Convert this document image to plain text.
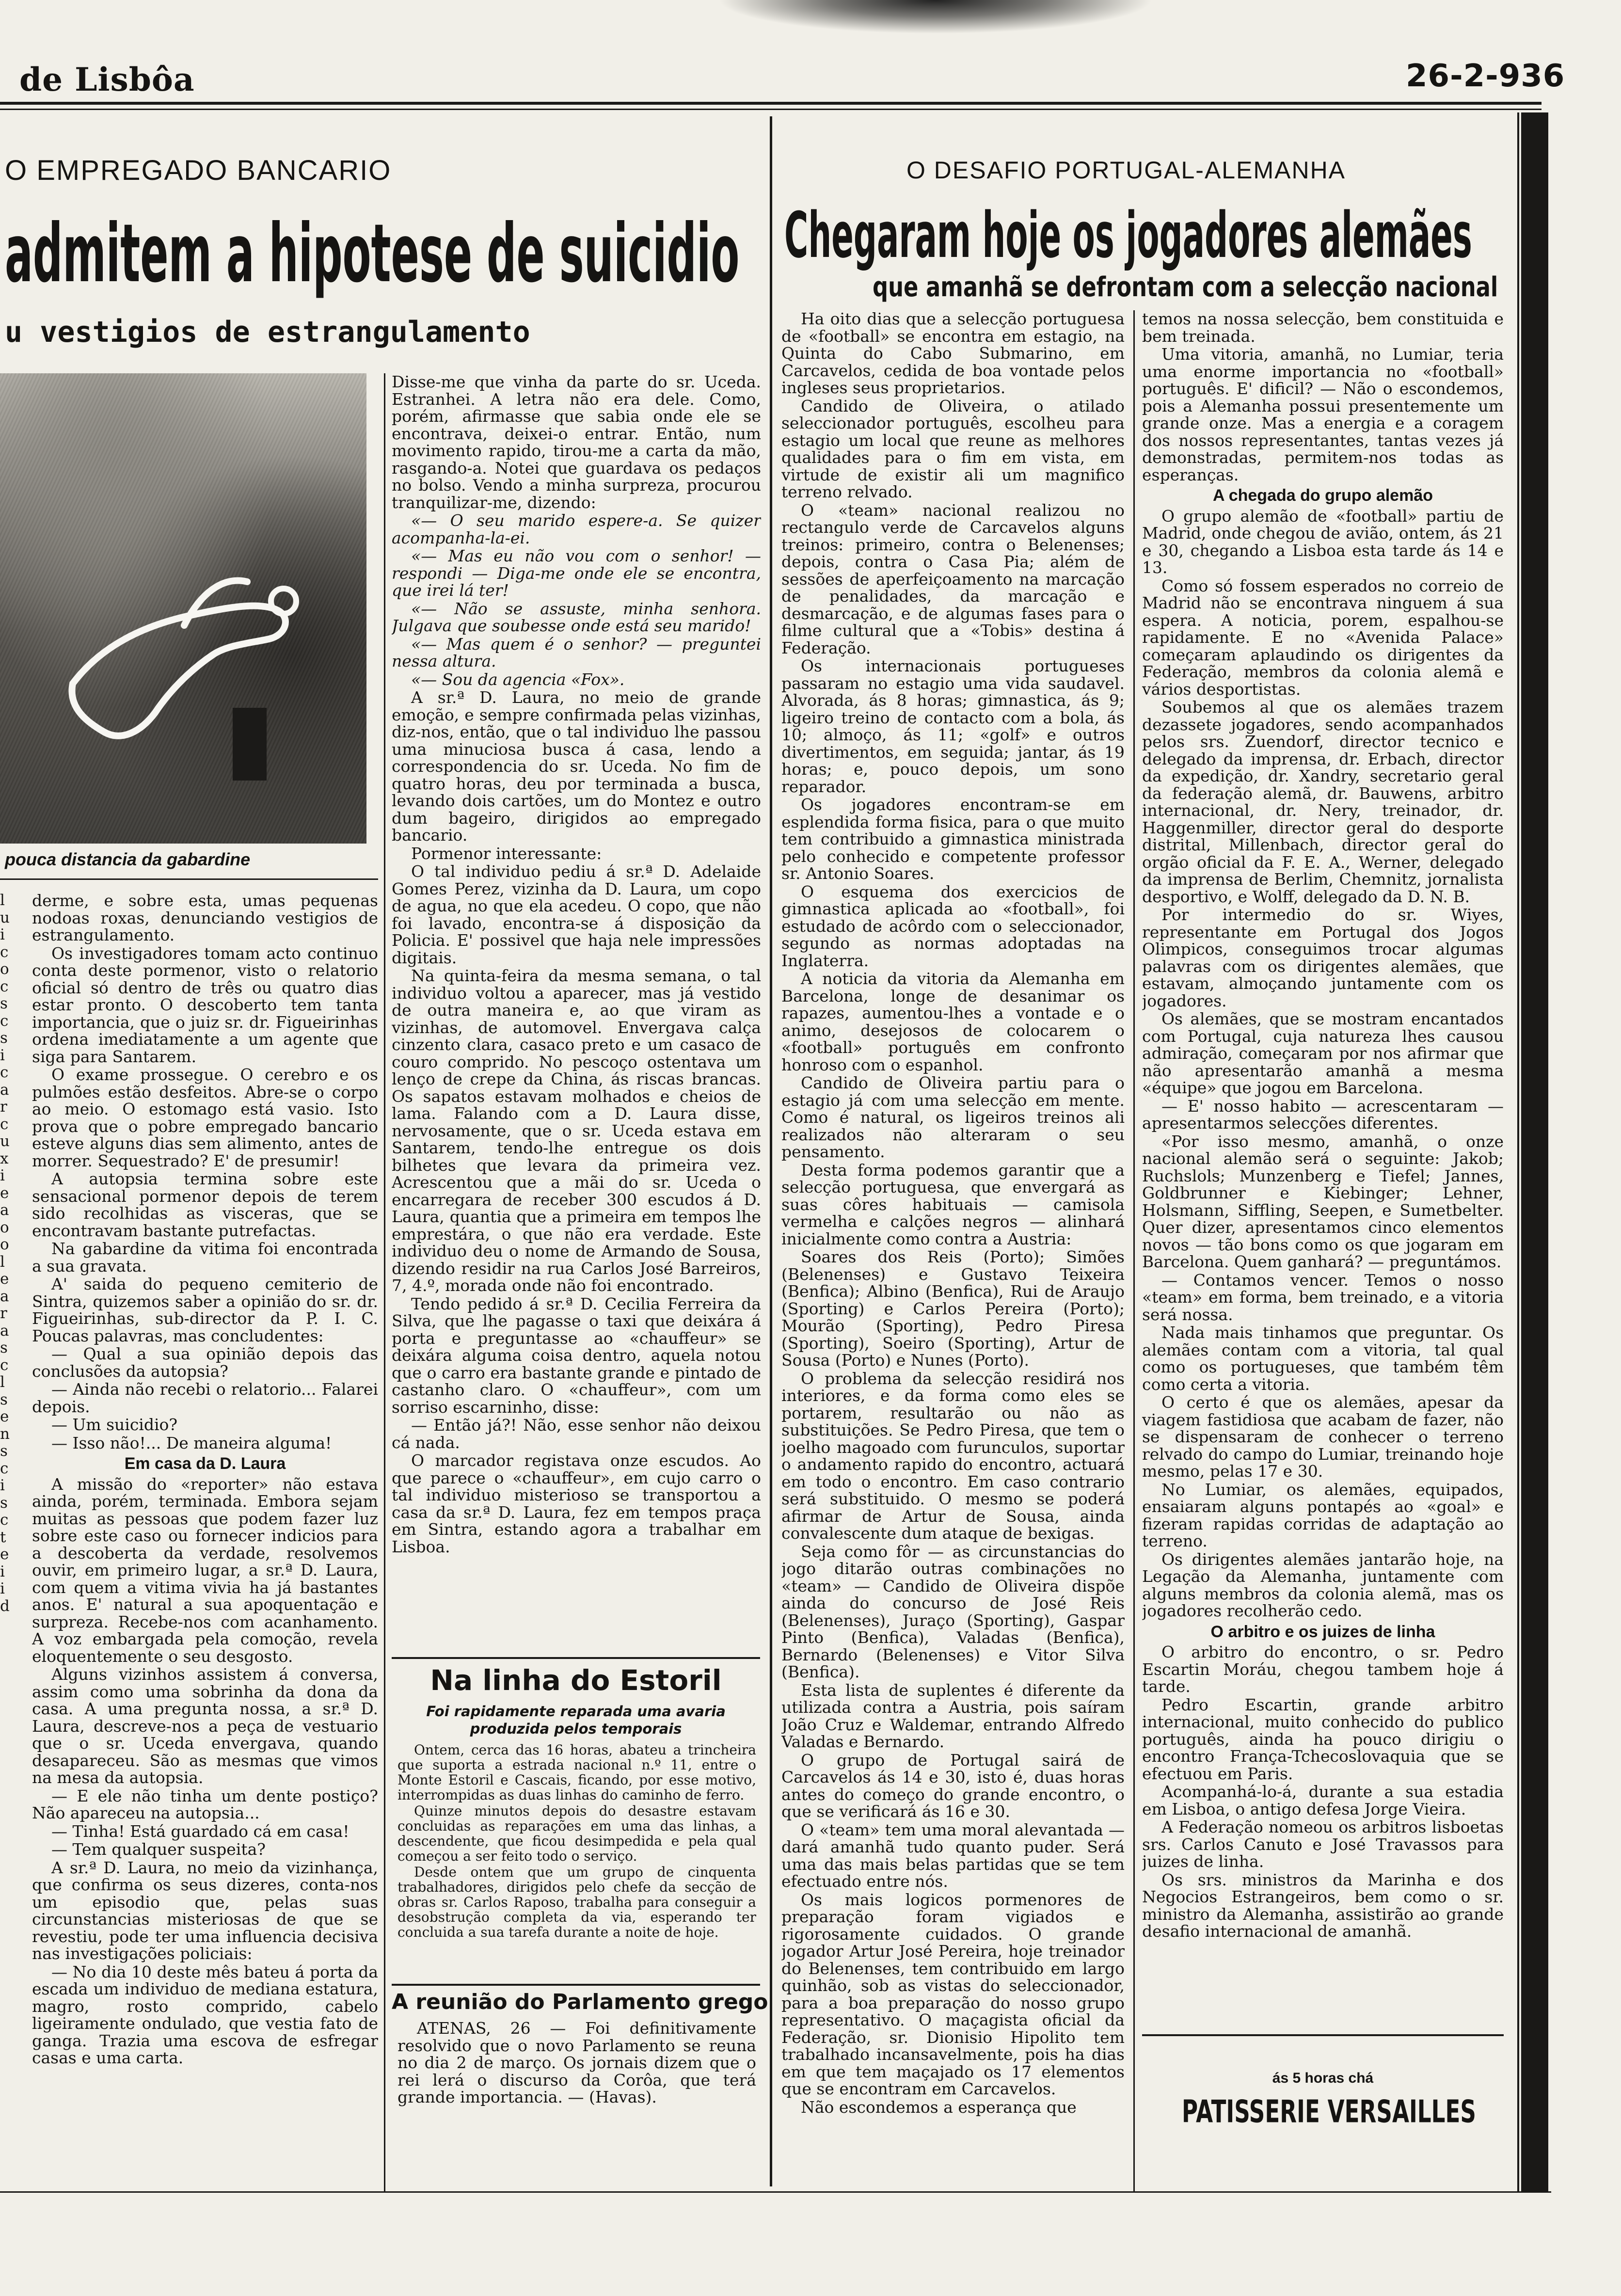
de Lisbôa	26-2-936
O EMPREGADO BANCARIO
admitem a hipotese de suicidio
u vestigios de estrangulamento
pouca distancia da gabardine
l
u
i
c
o
c
s
c
s
i
c
a
r
c
u
x
i
e
a
o
o
l
e
a
r
a
s
c
l
s
e
n
s
c
i
s
c
t
e
i
i
d

derme, e sobre esta, umas pequenas nodoas roxas, denunciando vestigios de estrangulamento.

Os investigadores tomam acto continuo conta deste pormenor, visto o relatorio oficial só dentro de três ou quatro dias estar pronto. O descoberto tem tanta importancia, que o juiz sr. dr. Figueirinhas ordena imediatamente a um agente que siga para Santarem.

O exame prossegue. O cerebro e os pulmões estão desfeitos. Abre-se o corpo ao meio. O estomago está vasio. Isto prova que o pobre empregado bancario esteve alguns dias sem alimento, antes de morrer. Sequestrado? E' de presumir!

A autopsia termina sobre este sensacional pormenor depois de terem sido recolhidas as visceras, que se encontravam bastante putrefactas.

Na gabardine da vitima foi encontrada a sua gravata.

A' saida do pequeno cemiterio de Sintra, quizemos saber a opinião do sr. dr. Figueirinhas, sub-director da P. I. C. Poucas palavras, mas concludentes:

— Qual a sua opinião depois das conclusões da autopsia?

— Ainda não recebi o relatorio... Falarei depois.

— Um suicidio?

— Isso não!... De maneira alguma!

Em casa da D. Laura

A missão do «reporter» não estava ainda, porém, terminada. Embora sejam muitas as pessoas que podem fazer luz sobre este caso ou fornecer indicios para a descoberta da verdade, resolvemos ouvir, em primeiro lugar, a sr.ª D. Laura, com quem a vitima vivia ha já bastantes anos. E' natural a sua apoquentação e surpreza. Recebe-nos com acanhamento. A voz embargada pela comoção, revela eloquentemente o seu desgosto.

Alguns vizinhos assistem á conversa, assim como uma sobrinha da dona da casa. A uma pregunta nossa, a sr.ª D. Laura, descreve-nos a peça de vestuario que o sr. Uceda envergava, quando desapareceu. São as mesmas que vimos na mesa da autopsia.

— E ele não tinha um dente postiço? Não apareceu na autopsia...

— Tinha! Está guardado cá em casa!

— Tem qualquer suspeita?

A sr.ª D. Laura, no meio da vizinhança, que confirma os seus dizeres, conta-nos um episodio que, pelas suas circunstancias misteriosas de que se revestiu, pode ter uma influencia decisiva nas investigações policiais:

— No dia 10 deste mês bateu á porta da escada um individuo de mediana estatura, magro, rosto comprido, cabelo ligeiramente ondulado, que vestia fato de ganga. Trazia uma escova de esfregar casas e uma carta.

Disse-me que vinha da parte do sr. Uceda. Estranhei. A letra não era dele. Como, porém, afirmasse que sabia onde ele se encontrava, deixei-o entrar. Então, num movimento rapido, tirou-me a carta da mão, rasgando-a. Notei que guardava os pedaços no bolso. Vendo a minha surpreza, procurou tranquilizar-me, dizendo:

«— O seu marido espere-a. Se quizer acompanha-la-ei.

«— Mas eu não vou com o senhor! — respondi — Diga-me onde ele se encontra, que irei lá ter!

«— Não se assuste, minha senhora. Julgava que soubesse onde está seu marido!

«— Mas quem é o senhor? — preguntei nessa altura.

«— Sou da agencia «Fox».

A sr.ª D. Laura, no meio de grande emoção, e sempre confirmada pelas vizinhas, diz-nos, então, que o tal individuo lhe passou uma minuciosa busca á casa, lendo a correspondencia do sr. Uceda. No fim de quatro horas, deu por terminada a busca, levando dois cartões, um do Montez e outro dum bageiro, dirigidos ao empregado bancario.

Pormenor interessante:

O tal individuo pediu á sr.ª D. Adelaide Gomes Perez, vizinha da D. Laura, um copo de agua, no que ela acedeu. O copo, que não foi lavado, encontra-se á disposição da Policia. E' possivel que haja nele impressões digitais.

Na quinta-feira da mesma semana, o tal individuo voltou a aparecer, mas já vestido de outra maneira e, ao que viram as vizinhas, de automovel. Envergava calça cinzento clara, casaco preto e um casaco de couro comprido. No pescoço ostentava um lenço de crepe da China, ás riscas brancas. Os sapatos estavam molhados e cheios de lama. Falando com a D. Laura disse, nervosamente, que o sr. Uceda estava em Santarem, tendo-lhe entregue os dois bilhetes que levara da primeira vez. Acrescentou que a mãi do sr. Uceda o encarregara de receber 300 escudos á D. Laura, quantia que a primeira em tempos lhe emprestára, o que não era verdade. Este individuo deu o nome de Armando de Sousa, dizendo residir na rua Carlos José Barreiros, 7, 4.º, morada onde não foi encontrado.

Tendo pedido á sr.ª D. Cecilia Ferreira da Silva, que lhe pagasse o taxi que deixára á porta e preguntasse ao «chauffeur» se deixára alguma coisa dentro, aquela notou que o carro era bastante grande e pintado de castanho claro. O «chauffeur», com um sorriso escarninho, disse:

— Então já?! Não, esse senhor não deixou cá nada.

O marcador registava onze escudos. Ao que parece o «chauffeur», em cujo carro o tal individuo misterioso se transportou a casa da sr.ª D. Laura, fez em tempos praça em Sintra, estando agora a trabalhar em Lisboa.

Na linha do Estoril
Foi rapidamente reparada uma avaria produzida pelos temporais

Ontem, cerca das 16 horas, abateu a trincheira que suporta a estrada nacional n.º 11, entre o Monte Estoril e Cascais, ficando, por esse motivo, interrompidas as duas linhas do caminho de ferro.

Quinze minutos depois do desastre estavam concluidas as reparações em uma das linhas, a descendente, que ficou desimpedida e pela qual começou a ser feito todo o serviço.

Desde ontem que um grupo de cinquenta trabalhadores, dirigidos pelo chefe da secção de obras sr. Carlos Raposo, trabalha para conseguir a desobstrução completa da via, esperando ter concluida a sua tarefa durante a noite de hoje.

A reunião do Parlamento grego

ATENAS, 26 — Foi definitivamente resolvido que o novo Parlamento se reuna no dia 2 de março. Os jornais dizem que o rei lerá o discurso da Corôa, que terá grande importancia. — (Havas).

O DESAFIO PORTUGAL-ALEMANHA
Chegaram hoje os jogadores alemães
que amanhã se defrontam com a selecção nacional

Ha oito dias que a selecção portuguesa de «football» se encontra em estagio, na Quinta do Cabo Submarino, em Carcavelos, cedida de boa vontade pelos ingleses seus proprietarios.

Candido de Oliveira, o atilado seleccionador português, escolheu para estagio um local que reune as melhores qualidades para o fim em vista, em virtude de existir ali um magnifico terreno relvado.

O «team» nacional realizou no rectangulo verde de Carcavelos alguns treinos: primeiro, contra o Belenenses; depois, contra o Casa Pia; além de sessões de aperfeiçoamento na marcação de penalidades, da marcação e desmarcação, e de algumas fases para o filme cultural que a «Tobis» destina á Federação.

Os internacionais portugueses passaram no estagio uma vida saudavel. Alvorada, ás 8 horas; gimnastica, ás 9; ligeiro treino de contacto com a bola, ás 10; almoço, ás 11; «golf» e outros divertimentos, em seguida; jantar, ás 19 horas; e, pouco depois, um sono reparador.

Os jogadores encontram-se em esplendida forma fisica, para o que muito tem contribuido a gimnastica ministrada pelo conhecido e competente professor sr. Antonio Soares.

O esquema dos exercicios de gimnastica aplicada ao «football», foi estudado de acôrdo com o seleccionador, segundo as normas adoptadas na Inglaterra.

A noticia da vitoria da Alemanha em Barcelona, longe de desanimar os rapazes, aumentou-lhes a vontade e o animo, desejosos de colocarem o «football» português em confronto honroso com o espanhol.

Candido de Oliveira partiu para o estagio já com uma selecção em mente. Como é natural, os ligeiros treinos ali realizados não alteraram o seu pensamento.

Desta forma podemos garantir que a selecção portuguesa, que envergará as suas côres habituais — camisola vermelha e calções negros — alinhará inicialmente como contra a Austria:

Soares dos Reis (Porto); Simões (Belenenses) e Gustavo Teixeira (Benfica); Albino (Benfica), Rui de Araujo (Sporting) e Carlos Pereira (Porto); Mourão (Sporting), Pedro Piresa (Sporting), Soeiro (Sporting), Artur de Sousa (Porto) e Nunes (Porto).

O problema da selecção residirá nos interiores, e da forma como eles se portarem, resultarão ou não as substituições. Se Pedro Piresa, que tem o joelho magoado com furunculos, suportar o andamento rapido do encontro, actuará em todo o encontro. Em caso contrario será substituido. O mesmo se poderá afirmar de Artur de Sousa, ainda convalescente dum ataque de bexigas.

Seja como fôr — as circunstancias do jogo ditarão outras combinações no «team» — Candido de Oliveira dispõe ainda do concurso de José Reis (Belenenses), Juraço (Sporting), Gaspar Pinto (Benfica), Valadas (Benfica), Bernardo (Belenenses) e Vitor Silva (Benfica).

Esta lista de suplentes é diferente da utilizada contra a Austria, pois saíram João Cruz e Waldemar, entrando Alfredo Valadas e Bernardo.

O grupo de Portugal sairá de Carcavelos ás 14 e 30, isto é, duas horas antes do começo do grande encontro, o que se verificará ás 16 e 30.

O «team» tem uma moral alevantada — dará amanhã tudo quanto puder. Será uma das mais belas partidas que se tem efectuado entre nós.

Os mais logicos pormenores de preparação foram vigiados e rigorosamente cuidados. O grande jogador Artur José Pereira, hoje treinador do Belenenses, tem contribuido em largo quinhão, sob as vistas do seleccionador, para a boa preparação do nosso grupo representativo. O maçagista oficial da Federação, sr. Dionisio Hipolito tem trabalhado incansavelmente, pois ha dias em que tem maçajado os 17 elementos que se encontram em Carcavelos.

Não escondemos a esperança que

temos na nossa selecção, bem constituida e bem treinada.

Uma vitoria, amanhã, no Lumiar, teria uma enorme importancia no «football» português. E' dificil? — Não o escondemos, pois a Alemanha possui presentemente um grande onze. Mas a energia e a coragem dos nossos representantes, tantas vezes já demonstradas, permitem-nos todas as esperanças.

A chegada do grupo alemão

O grupo alemão de «football» partiu de Madrid, onde chegou de avião, ontem, ás 21 e 30, chegando a Lisboa esta tarde ás 14 e 13.

Como só fossem esperados no correio de Madrid não se encontrava ninguem á sua espera. A noticia, porem, espalhou-se rapidamente. E no «Avenida Palace» começaram aplaudindo os dirigentes da Federação, membros da colonia alemã e vários desportistas.

Soubemos al que os alemães trazem dezassete jogadores, sendo acompanhados pelos srs. Zuendorf, director tecnico e delegado da imprensa, dr. Erbach, director da expedição, dr. Xandry, secretario geral da federação alemã, dr. Bauwens, arbitro internacional, dr. Nery, treinador, dr. Haggenmiller, director geral do desporte distrital, Millenbach, director geral do orgão oficial da F. E. A., Werner, delegado da imprensa de Berlim, Chemnitz, jornalista desportivo, e Wolff, delegado da D. N. B.

Por intermedio do sr. Wiyes, representante em Portugal dos Jogos Olimpicos, conseguimos trocar algumas palavras com os dirigentes alemães, que estavam, almoçando juntamente com os jogadores.

Os alemães, que se mostram encantados com Portugal, cuja natureza lhes causou admiração, começaram por nos afirmar que não apresentarão amanhã a mesma «équipe» que jogou em Barcelona.

— E' nosso habito — acrescentaram — apresentarmos selecções diferentes.

«Por isso mesmo, amanhã, o onze nacional alemão será o seguinte: Jakob; Ruchslols; Munzenberg e Tiefel; Jannes, Goldbrunner e Kiebinger; Lehner, Holsmann, Siffling, Seepen, e Sumetbelter. Quer dizer, apresentamos cinco elementos novos — tão bons como os que jogaram em Barcelona. Quem ganhará? — preguntámos.

— Contamos vencer. Temos o nosso «team» em forma, bem treinado, e a vitoria será nossa.

Nada mais tinhamos que preguntar. Os alemães contam com a vitoria, tal qual como os portugueses, que também têm como certa a vitoria.

O certo é que os alemães, apesar da viagem fastidiosa que acabam de fazer, não se dispensaram de conhecer o terreno relvado do campo do Lumiar, treinando hoje mesmo, pelas 17 e 30.

No Lumiar, os alemães, equipados, ensaiaram alguns pontapés ao «goal» e fizeram rapidas corridas de adaptação ao terreno.

Os dirigentes alemães jantarão hoje, na Legação da Alemanha, juntamente com alguns membros da colonia alemã, mas os jogadores recolherão cedo.

O arbitro e os juizes de linha

O arbitro do encontro, o sr. Pedro Escartin Moráu, chegou tambem hoje á tarde.

Pedro Escartin, grande arbitro internacional, muito conhecido do publico português, ainda ha pouco dirigiu o encontro França-Tchecoslovaquia que se efectuou em Paris.

Acompanhá-lo-á, durante a sua estadia em Lisboa, o antigo defesa Jorge Vieira.

A Federação nomeou os arbitros lisboetas srs. Carlos Canuto e José Travassos para juizes de linha.

Os srs. ministros da Marinha e dos Negocios Estrangeiros, bem como o sr. ministro da Alemanha, assistirão ao grande desafio internacional de amanhã.

ás 5 horas chá
PATISSERIE VERSAILLES
